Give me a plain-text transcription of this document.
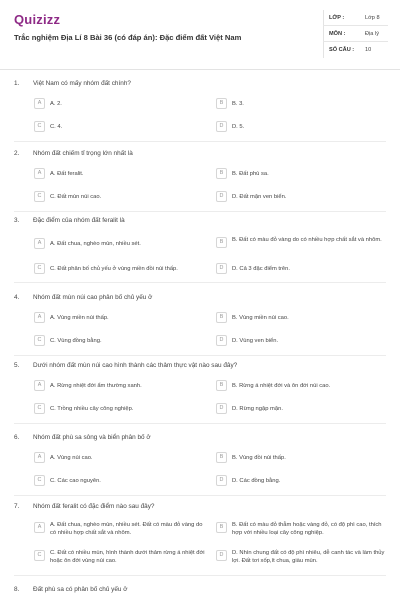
Quizizz
Trắc nghiệm Địa Lí 8 Bài 36 (có đáp án): Đặc điểm đất Việt Nam
LỚP :	Lớp 8
MÔN :	Địa lý
SỐ CÂU : 10
1. Việt Nam có mấy nhóm đất chính?
A	A. 2.	B	B. 3.
C	C. 4.	D	D. 5.
2. Nhóm đất chiếm tỉ trọng lớn nhất là
A	A. Đất feralit.	B	B. Đất phù sa.
C	C. Đất mùn núi cao.	D	D. Đất mặn ven biển.
3. Đặc điểm của nhóm đất feralit là
A	A. Đất chua, nghèo mùn, nhiều sét.	B	B. Đất có màu đỏ vàng do có nhiều hợp chất sắt và nhôm.
C	C. Đất phân bố chủ yếu ở vùng miền đồi núi thấp.	D	D. Cả 3 đặc điểm trên.
4. Nhóm đất mùn núi cao phân bố chủ yếu ở
A	A. Vùng miền núi thấp.	B	B. Vùng miền núi cao.
C	C. Vùng đồng bằng.	D	D. Vùng ven biển.
5. Dưới nhóm đất mùn núi cao hình thành các thảm thực vật nào sau đây?
A	A. Rừng nhiệt đới ẩm thường xanh.	B	B. Rừng á nhiệt đới và ôn đới núi cao.
C	C. Trồng nhiều cây công nghiệp.	D	D. Rừng ngập mặn.
6. Nhóm đất phù sa sông và biển phân bố ở
A	A. Vùng núi cao.	B	B. Vùng đồi núi thấp.
C	C. Các cao nguyên.	D	D. Các đồng bằng.
7. Nhóm đất feralit có đặc điểm nào sau đây?
A	A. Đất chua, nghèo mùn, nhiều sét. Đất có màu đỏ vàng do có nhiều hợp chất sắt và nhôm.
B	B. Đất có màu đỏ thẫm hoặc vàng đỏ, có độ phì cao, thích hợp với nhiều loại cây công nghiệp.
C	C. Đất có nhiều mùn, hình thành dưới thảm rừng á nhiệt đới hoặc ôn đới vùng núi cao.
D	D. Nhìn chung đất có độ phì nhiêu, dễ canh tác và làm thủy lợi. Đất tơi xốp,ít chua, giàu mùn.
8. Đất phù sa có phân bố chủ yếu ở
